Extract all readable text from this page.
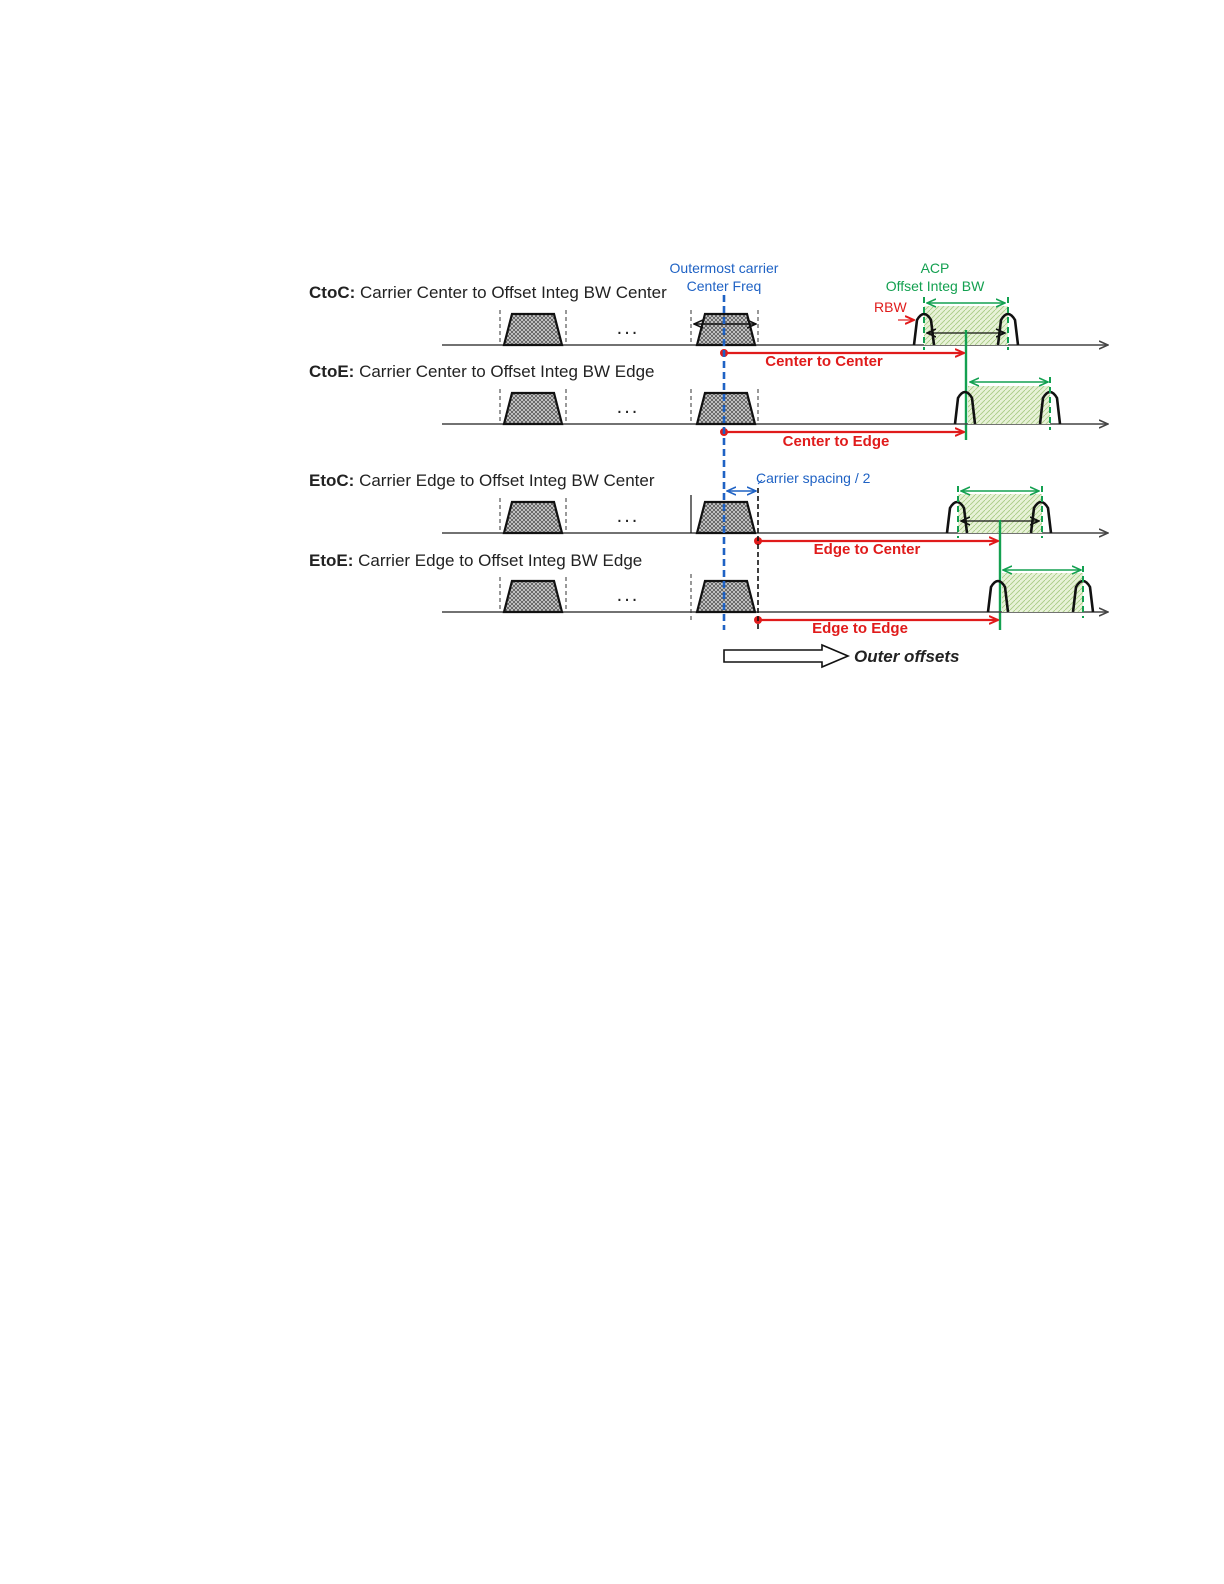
CtoC: Carrier Center to Offset Integ BW Center
CtoE: Carrier Center to Offset Integ BW Edge
EtoC: Carrier Edge to Offset Integ BW Center
EtoE: Carrier Edge to Offset Integ BW Edge
Outermost carrier
Center Freq
ACP
Offset Integ BW
RBW
...
Center to Center
...
Center to Edge
...
Carrier spacing / 2
Edge to Center
...
Edge to Edge
Outer offsets
